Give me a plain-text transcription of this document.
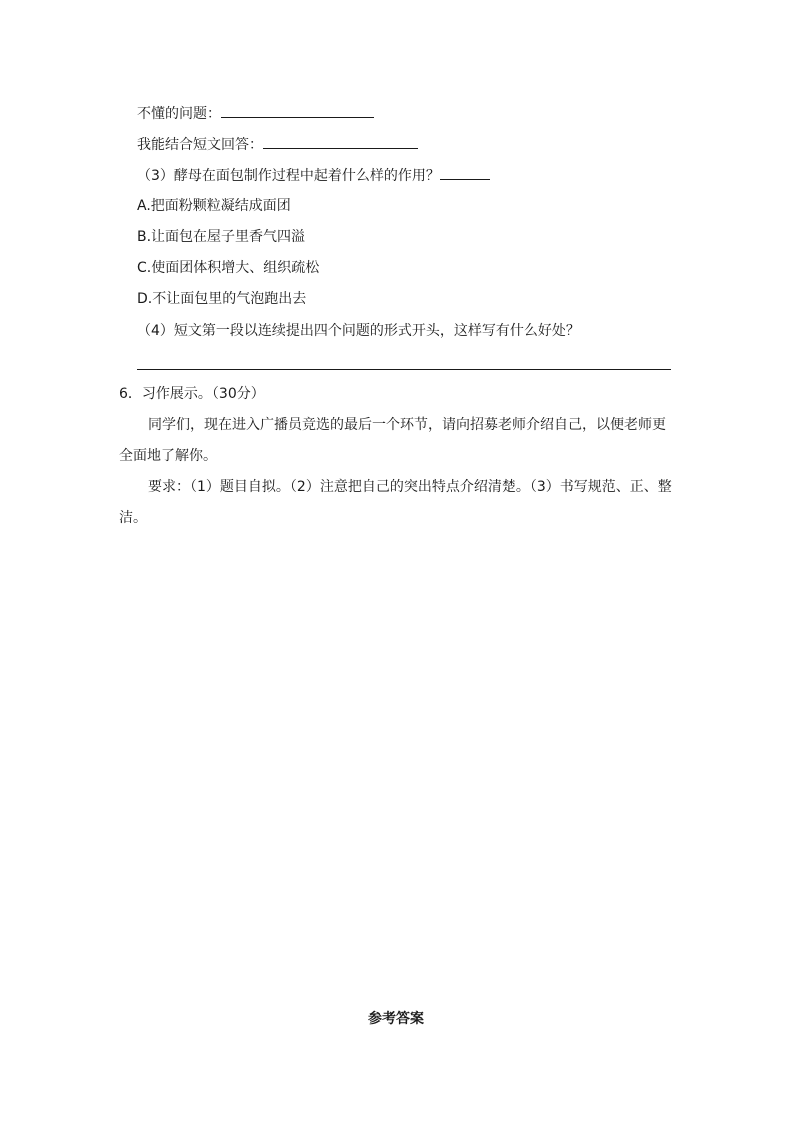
不懂的问题：
我能结合短文回答：
（3）酵母在面包制作过程中起着什么样的作用？
A.把面粉颗粒凝结成面团
B.让面包在屋子里香气四溢
C.使面团体积增大、组织疏松
D.不让面包里的气泡跑出去
（4）短文第一段以连续提出四个问题的形式开头，这样写有什么好处？
6．习作展示。（30分）
同学们，现在进入广播员竞选的最后一个环节，请向招募老师介绍自己，以便老师更
全面地了解你。
要求：（1）题目自拟。（2）注意把自己的突出特点介绍清楚。（3）书写规范、正、整
洁。
参考答案
